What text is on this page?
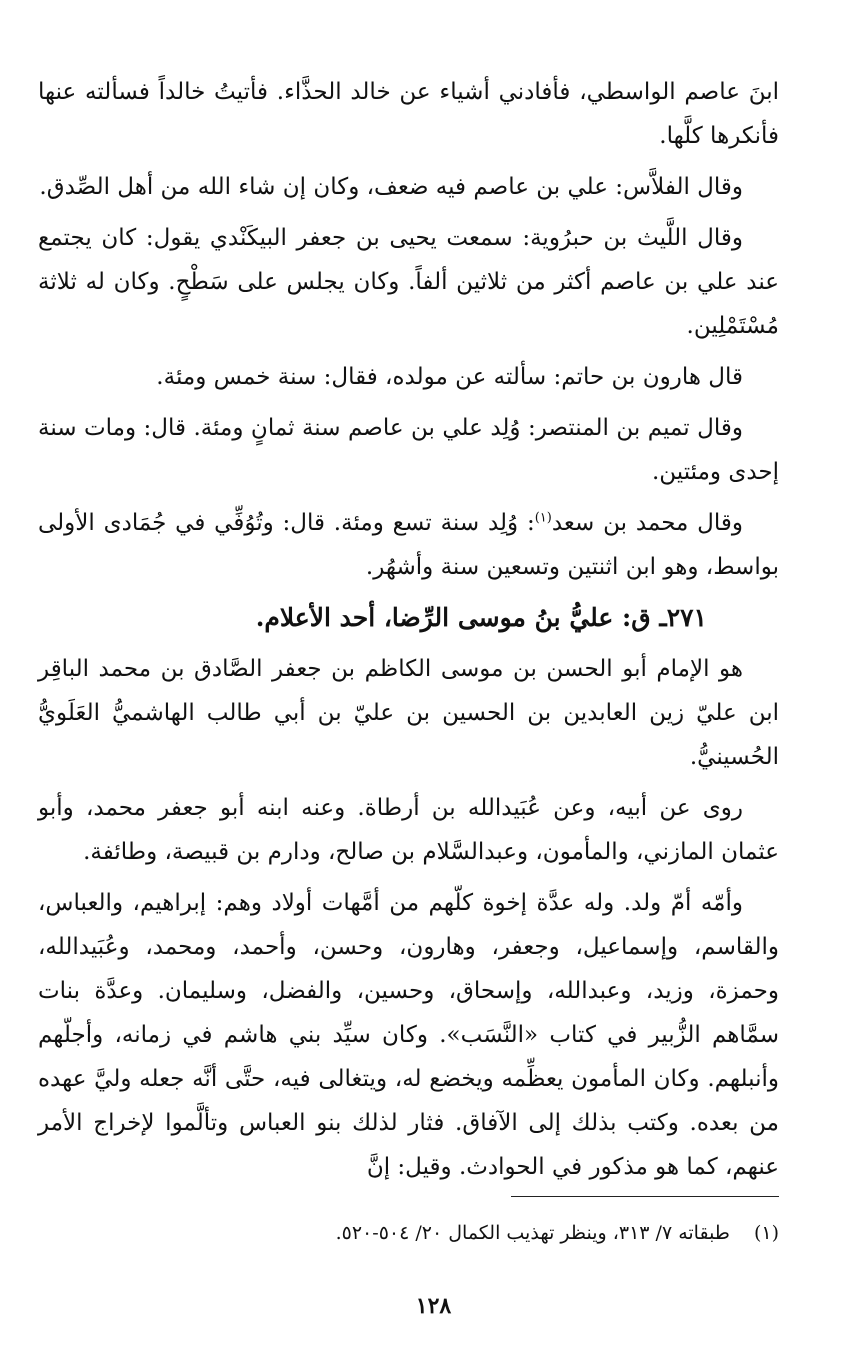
ابنَ عاصم الواسطي، فأفادني أشياء عن خالد الحذَّاء. فأتيتُ خالداً فسألته عنها فأنكرها كلَّها.

وقال الفلاَّس: علي بن عاصم فيه ضعف، وكان إن شاء الله من أهل الصِّدق.

وقال اللَّيث بن حبرُوية: سمعت يحيى بن جعفر البيكَنْدي يقول: كان يجتمع عند علي بن عاصم أكثر من ثلاثين ألفاً. وكان يجلس على سَطْحٍ. وكان له ثلاثة مُسْتَمْلِين.

قال هارون بن حاتم: سألته عن مولده، فقال: سنة خمس ومئة.

وقال تميم بن المنتصر: وُلِد علي بن عاصم سنة ثمانٍ ومئة. قال: ومات سنة إحدى ومئتين.

وقال محمد بن سعد$^{(١)}$: وُلِد سنة تسع ومئة. قال: وتُوُفِّي في جُمَادى الأولى بواسط، وهو ابن اثنتين وتسعين سنة وأشهُر.

٢٧١ـ ق: عليُّ بنُ موسى الرِّضا، أحد الأعلام.

هو الإمام أبو الحسن بن موسى الكاظم بن جعفر الصَّادق بن محمد الباقِر ابن عليّ زين العابدين بن الحسين بن عليّ بن أبي طالب الهاشميُّ العَلَويُّ الحُسينيُّ.

روى عن أبيه، وعن عُبَيدالله بن أرطاة. وعنه ابنه أبو جعفر محمد، وأبو عثمان المازني، والمأمون، وعبدالسَّلام بن صالح، ودارم بن قبيصة، وطائفة.

وأمّه أمّ ولد. وله عدَّة إخوة كلّهم من أمَّهات أولاد وهم: إبراهيم، والعباس، والقاسم، وإسماعيل، وجعفر، وهارون، وحسن، وأحمد، ومحمد، وعُبَيدالله، وحمزة، وزيد، وعبدالله، وإسحاق، وحسين، والفضل، وسليمان. وعدَّة بنات سمَّاهم الزُّبير في كتاب «النَّسَب». وكان سيِّد بني هاشم في زمانه، وأجلّهم وأنبلهم. وكان المأمون يعظِّمه ويخضع له، ويتغالى فيه، حتَّى أنَّه جعله وليَّ عهده من بعده. وكتب بذلك إلى الآفاق. فثار لذلك بنو العباس وتألَّموا لإخراج الأمر عنهم، كما هو مذكور في الحوادث. وقيل: إنَّ

(١)طبقاته ٧/ ٣١٣، وينظر تهذيب الكمال ٢٠/ ٥٠٤-٥٢٠.
١٢٨
